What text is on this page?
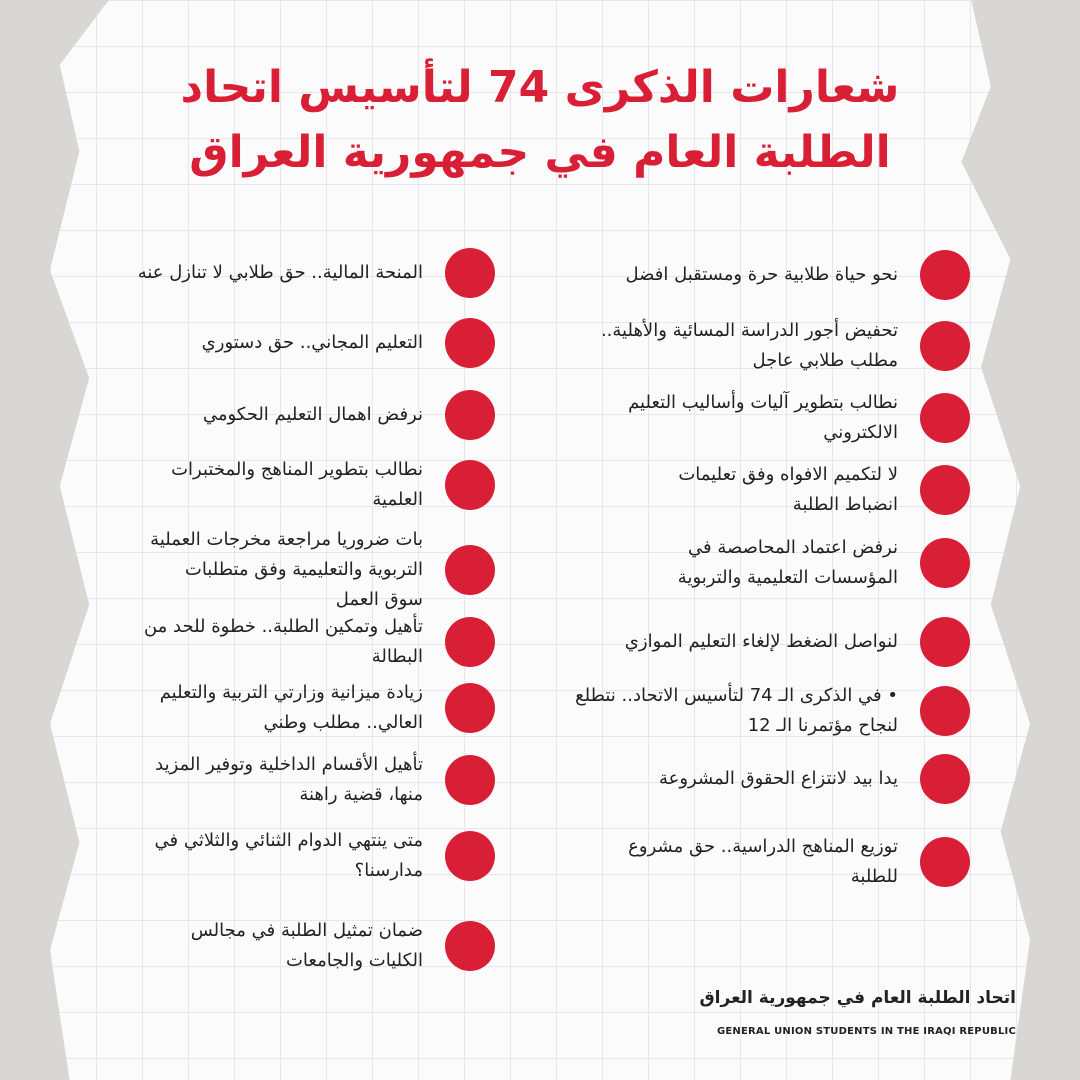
شعارات الذكرى 74 لتأسيس اتحاد
الطلبة العام في جمهورية العراق
نحو حياة طلابية حرة ومستقبل افضل
تحفيض أجور الدراسة المسائية والأهلية..
مطلب طلابي عاجل
نطالب بتطوير آليات وأساليب التعليم
الالكتروني
لا لتكميم الافواه وفق تعليمات
انضباط الطلبة
نرفض اعتماد المحاصصة في
المؤسسات التعليمية والتربوية
لنواصل الضغط لإلغاء التعليم الموازي
• في الذكرى الـ 74 لتأسيس الاتحاد.. نتطلع
لنجاح مؤتمرنا الـ 12
يدا بيد لانتزاع الحقوق المشروعة
توزيع المناهج الدراسية.. حق مشروع
للطلبة
المنحة المالية.. حق طلابي لا تنازل عنه
التعليم المجاني.. حق دستوري
نرفض اهمال التعليم الحكومي
نطالب بتطوير المناهج والمختبرات
العلمية
بات ضروريا مراجعة مخرجات العملية
التربوية والتعليمية وفق متطلبات
سوق العمل
تأهيل وتمكين الطلبة.. خطوة للحد من
البطالة
زيادة ميزانية وزارتي التربية والتعليم
العالي.. مطلب وطني
تأهيل الأقسام الداخلية وتوفير المزيد
منها، قضية راهنة
متى ينتهي الدوام الثنائي والثلاثي في
مدارسنا؟
ضمان تمثيل الطلبة في مجالس
الكليات والجامعات
اتحاد الطلبة العام في جمهورية العراق
GENERAL UNION STUDENTS IN THE IRAQI REPUBLIC
